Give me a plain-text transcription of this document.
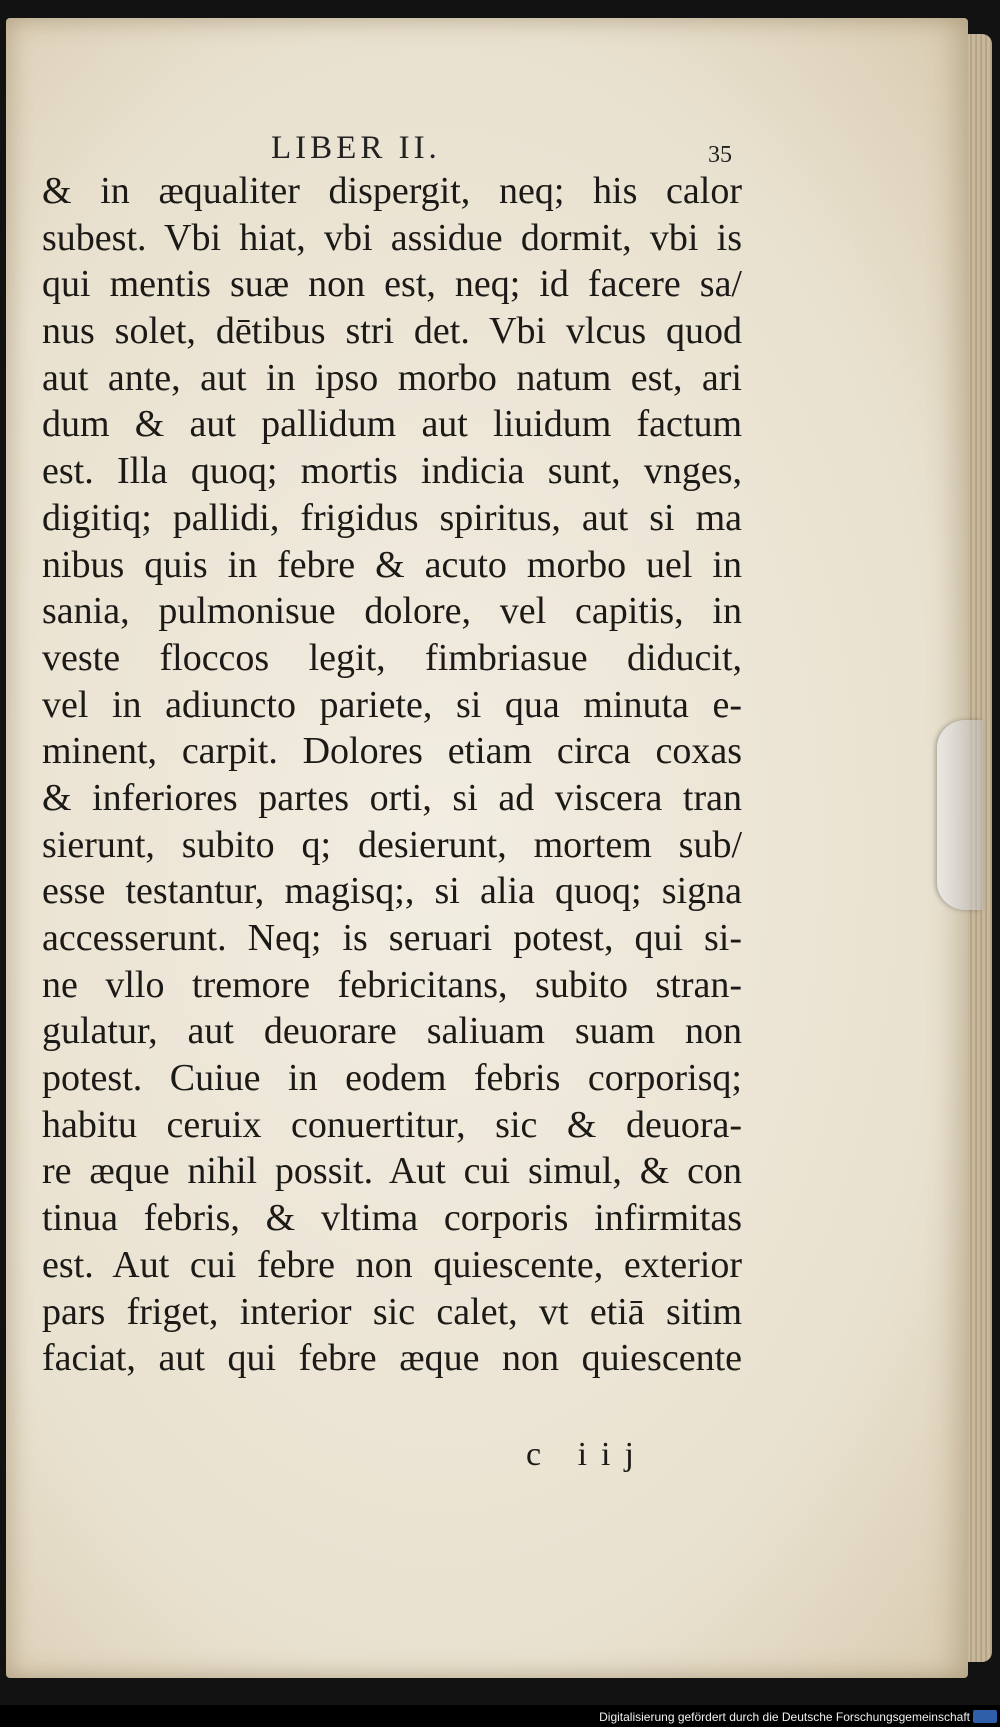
LIBER II.	35
& in æqualiter dispergit, neq; his calor
subest. Vbi hiat, vbi assidue dormit, vbi is
qui mentis suæ non est, neq; id facere sa/
nus solet, dētibus stri det. Vbi vlcus quod
aut ante, aut in ipso morbo natum est, ari
dum & aut pallidum aut liuidum factum
est. Illa quoq; mortis indicia sunt, vnges,
digitiq; pallidi, frigidus spiritus, aut si ma
nibus quis in febre & acuto morbo uel in
sania, pulmonisue dolore, vel capitis, in
veste floccos legit, fimbriasue diducit,
vel in adiuncto pariete, si qua minuta e-
minent, carpit. Dolores etiam circa coxas
& inferiores partes orti, si ad viscera tran
sierunt, subito q; desierunt, mortem sub/
esse testantur, magisq;, si alia quoq; signa
accesserunt. Neq; is seruari potest, qui si-
ne vllo tremore febricitans, subito stran-
gulatur, aut deuorare saliuam suam non
potest. Cuiue in eodem febris corporisq;
habitu ceruix conuertitur, sic & deuora-
re æque nihil possit. Aut cui simul, & con
tinua febris, & vltima corporis infirmitas
est. Aut cui febre non quiescente, exterior
pars friget, interior sic calet, vt etiā sitim
faciat, aut qui febre æque non quiescente
c iij
Digitalisierung gefördert durch die Deutsche Forschungsgemeinschaft
